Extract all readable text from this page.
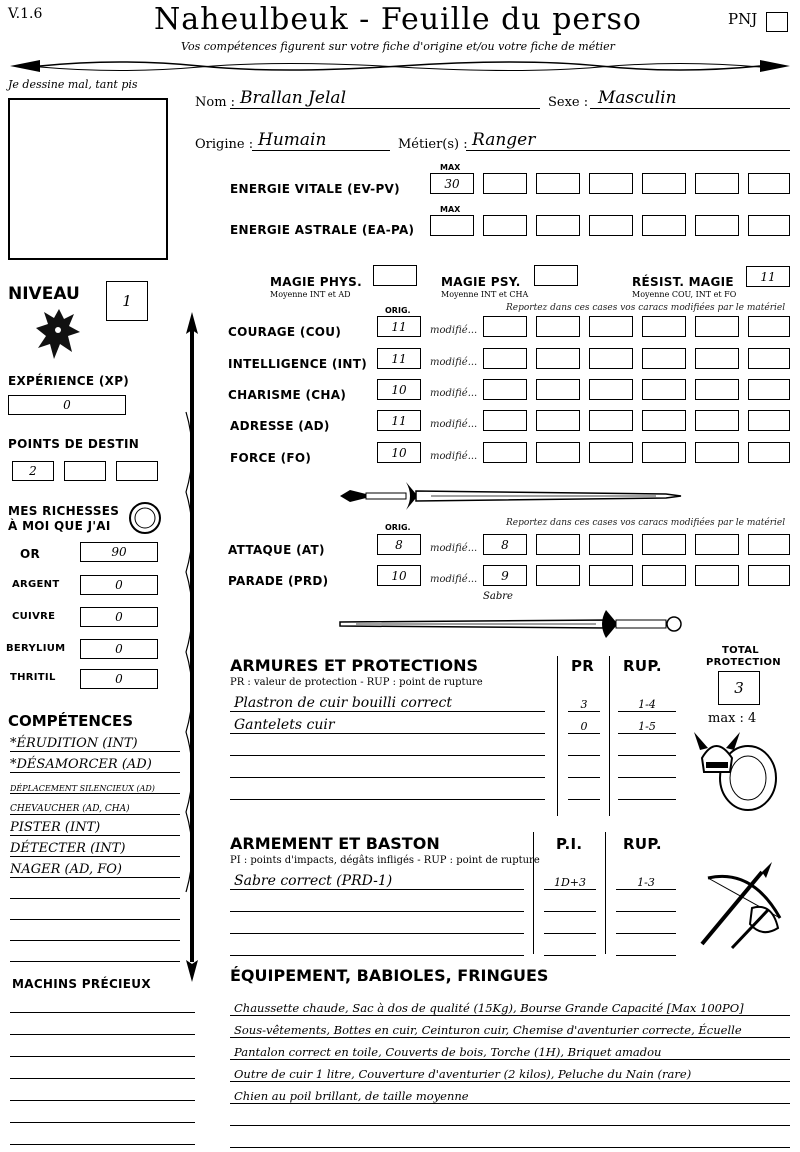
V.1.6	Naheulbeuk - Feuille du perso
Vos compétences figurent sur votre fiche d'origine et/ou votre fiche de métier
PNJ
Je dessine mal, tant pis
Nom : Brallan Jelal	Sexe : Masculin
Origine : Humain	Métier(s) : Ranger
MAX
ENERGIE VITALE (EV-PV)	30
MAX
ENERGIE ASTRALE (EA-PA)
MAGIE PHYS.
Moyenne INT et AD
MAGIE PSY.
Moyenne INT et CHA
RÉSIST. MAGIE
Moyenne COU, INT et FO
11
NIVEAU	1
EXPÉRIENCE (XP)
0
POINTS DE DESTIN
2
MES RICHESSES
À MOI QUE J'AI
OR	90
ARGENT	0
CUIVRE	0
BERYLIUM	0
THRITIL	0
ORIG.	Reportez dans ces cases vos caracs modifiées par le matériel
COURAGE (COU)	11	modifié...
INTELLIGENCE (INT)	11	modifié...
CHARISME (CHA)	10	modifié...
ADRESSE (AD)	11	modifié...
FORCE (FO)	10	modifié...
ORIG.	Reportez dans ces cases vos caracs modifiées par le matériel
ATTAQUE (AT)	8	modifié...	8
PARADE (PRD)	10	modifié...	9
Sabre
ARMURES ET PROTECTIONS
PR : valeur de protection - RUP : point de rupture
PR RUP.
Plastron de cuir bouilli correct	3	1-4
Gantelets cuir	0	1-5
TOTAL
PROTECTION
3
max : 4
ARMEMENT ET BASTON
PI : points d'impacts, dégâts infligés - RUP : point de rupture
P.I.	RUP.
Sabre correct (PRD-1)	1D+3	1-3
COMPÉTENCES
*ÉRUDITION (INT)
*DÉSAMORCER (AD)
DÉPLACEMENT SILENCIEUX (AD)
CHEVAUCHER (AD, CHA)
PISTER (INT)
DÉTECTER (INT)
NAGER (AD, FO)
MACHINS PRÉCIEUX	ÉQUIPEMENT, BABIOLES, FRINGUES
Chaussette chaude, Sac à dos de qualité (15Kg), Bourse Grande Capacité [Max 100PO]
Sous-vêtements, Bottes en cuir, Ceinturon cuir, Chemise d'aventurier correcte, Écuelle
Pantalon correct en toile, Couverts de bois, Torche (1H), Briquet amadou
Outre de cuir 1 litre, Couverture d'aventurier (2 kilos), Peluche du Nain (rare)
Chien au poil brillant, de taille moyenne
